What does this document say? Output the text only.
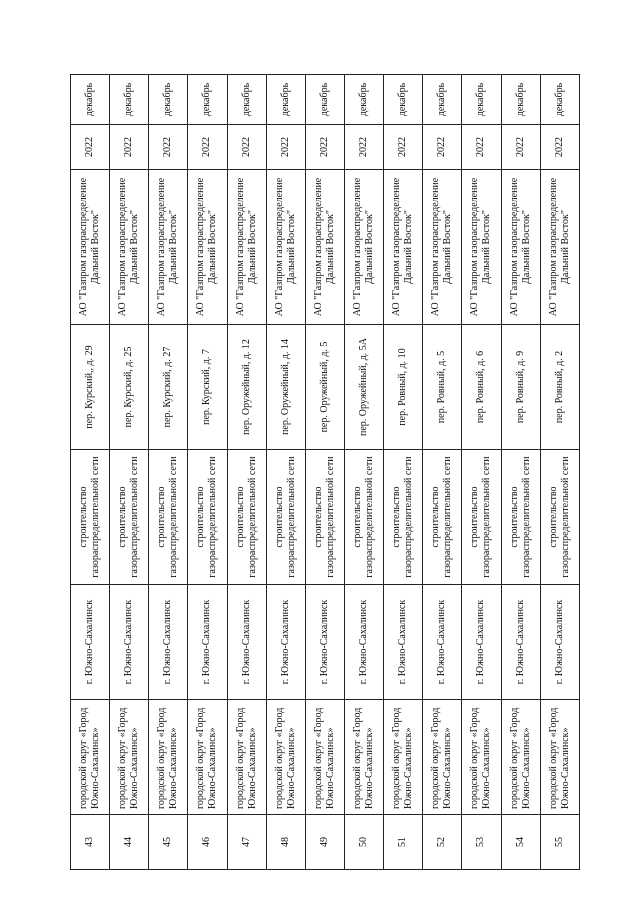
43	городской округ «Город Южно-Сахалинск»	г. Южно-Сахалинск	строительство газораспределительной сети	пер. Курский,, д. 29	АО "Газпром газораспределение Дальний Восток"	2022	декабрь
44	городской округ «Город Южно-Сахалинск»	г. Южно-Сахалинск	строительство газораспределительной сети	пер. Курский, д. 25	АО "Газпром газораспределение Дальний Восток"	2022	декабрь
45	городской округ «Город Южно-Сахалинск»	г. Южно-Сахалинск	строительство газораспределительной сети	пер. Курский, д. 27	АО "Газпром газораспределение Дальний Восток"	2022	декабрь
46	городской округ «Город Южно-Сахалинск»	г. Южно-Сахалинск	строительство газораспределительной сети	пер. Курский, д. 7	АО "Газпром газораспределение Дальний Восток"	2022	декабрь
47	городской округ «Город Южно-Сахалинск»	г. Южно-Сахалинск	строительство газораспределительной сети	пер. Оружейный, д. 12	АО "Газпром газораспределение Дальний Восток"	2022	декабрь
48	городской округ «Город Южно-Сахалинск»	г. Южно-Сахалинск	строительство газораспределительной сети	пер. Оружейный, д. 14	АО "Газпром газораспределение Дальний Восток"	2022	декабрь
49	городской округ «Город Южно-Сахалинск»	г. Южно-Сахалинск	строительство газораспределительной сети	пер. Оружейный, д. 5	АО "Газпром газораспределение Дальний Восток"	2022	декабрь
50	городской округ «Город Южно-Сахалинск»	г. Южно-Сахалинск	строительство газораспределительной сети	пер. Оружейный, д. 5А	АО "Газпром газораспределение Дальний Восток"	2022	декабрь
51	городской округ «Город Южно-Сахалинск»	г. Южно-Сахалинск	строительство газораспределительной сети	пер. Ровный, д. 10	АО "Газпром газораспределение Дальний Восток"	2022	декабрь
52	городской округ «Город Южно-Сахалинск»	г. Южно-Сахалинск	строительство газораспределительной сети	пер. Ровный, д. 5	АО "Газпром газораспределение Дальний Восток"	2022	декабрь
53	городской округ «Город Южно-Сахалинск»	г. Южно-Сахалинск	строительство газораспределительной сети	пер. Ровный, д. 6	АО "Газпром газораспределение Дальний Восток"	2022	декабрь
54	городской округ «Город Южно-Сахалинск»	г. Южно-Сахалинск	строительство газораспределительной сети	пер. Ровный, д. 9	АО "Газпром газораспределение Дальний Восток"	2022	декабрь
55	городской округ «Город Южно-Сахалинск»	г. Южно-Сахалинск	строительство газораспределительной сети	пер. Ровный, д. 2	АО "Газпром газораспределение Дальний Восток"	2022	декабрь
